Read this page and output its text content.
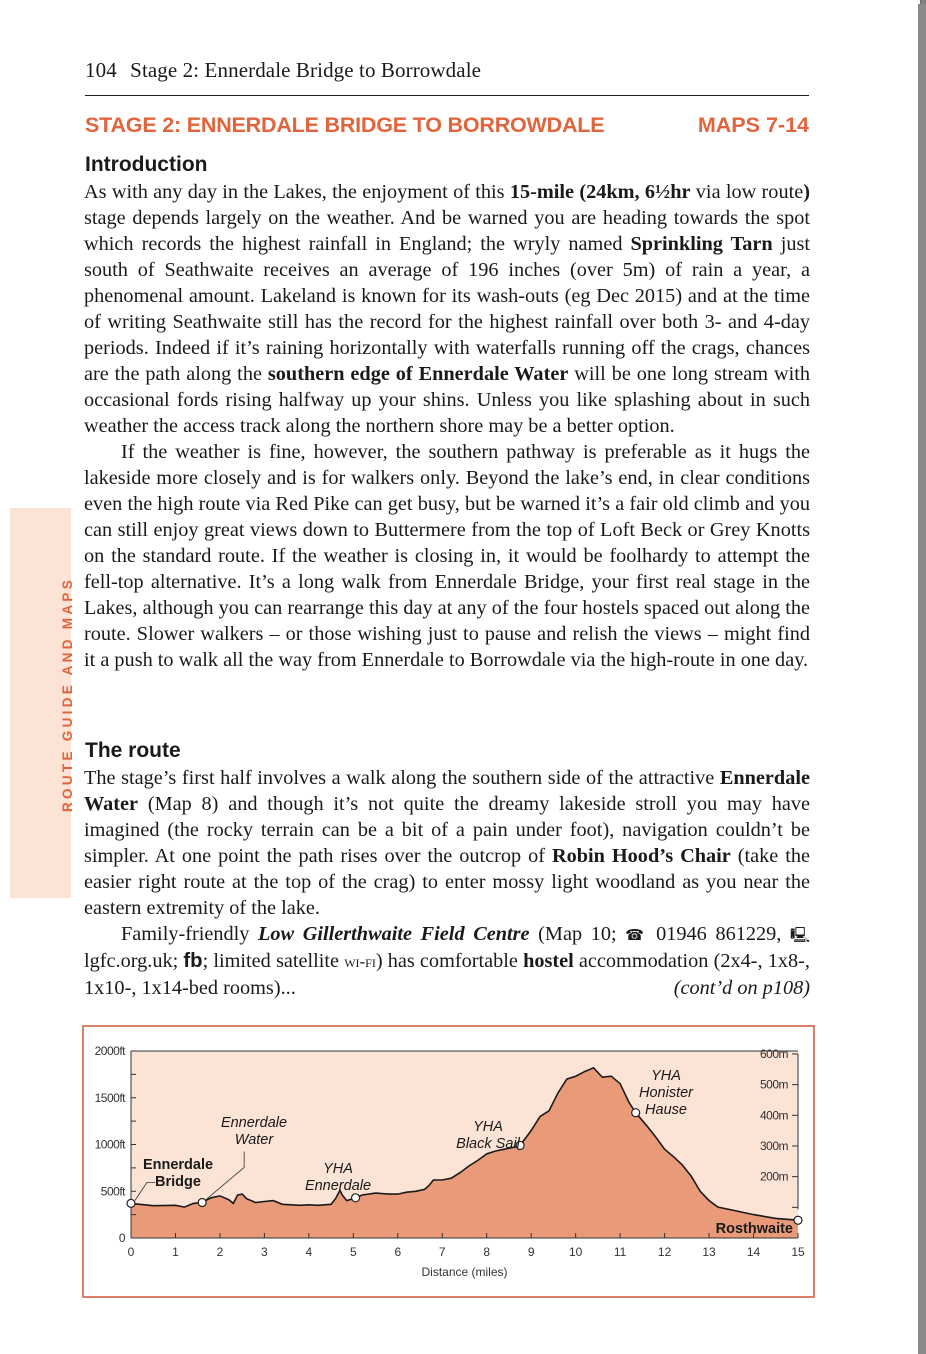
104 Stage 2: Ennerdale Bridge to Borrowdale
STAGE 2: ENNERDALE BRIDGE TO BORROWDALE	MAPS 7-14
ROUTE GUIDE AND MAPS
Introduction

As with any day in the Lakes, the enjoyment of this 15-mile (24km, 6½hr via low route) stage depends largely on the weather. And be warned you are heading towards the spot which records the highest rainfall in England; the wryly named Sprinkling Tarn just south of Seathwaite receives an average of 196 inches (over 5m) of rain a year, a phenomenal amount. Lakeland is known for its wash-outs (eg Dec 2015) and at the time of writing Seathwaite still has the record for the highest rainfall over both 3- and 4-day periods. Indeed if it’s raining horizontally with waterfalls running off the crags, chances are the path along the southern edge of Ennerdale Water will be one long stream with occasional fords rising halfway up your shins. Unless you like splashing about in such weather the access track along the northern shore may be a better option.

If the weather is fine, however, the southern pathway is preferable as it hugs the lakeside more closely and is for walkers only. Beyond the lake’s end, in clear conditions even the high route via Red Pike can get busy, but be warned it’s a fair old climb and you can still enjoy great views down to Buttermere from the top of Loft Beck or Grey Knotts on the standard route. If the weather is closing in, it would be foolhardy to attempt the fell-top alternative. It’s a long walk from Ennerdale Bridge, your first real stage in the Lakes, although you can rearrange this day at any of the four hostels spaced out along the route. Slower walkers – or those wishing just to pause and relish the views – might find it a push to walk all the way from Ennerdale to Borrowdale via the high-route in one day.

The route

The stage’s first half involves a walk along the southern side of the attractive Ennerdale Water (Map 8) and though it’s not quite the dreamy lakeside stroll you may have imagined (the rocky terrain can be a bit of a pain under foot), navigation couldn’t be simpler. At one point the path rises over the outcrop of Robin Hood’s Chair (take the easier right route at the top of the crag) to enter mossy light woodland as you near the eastern extremity of the lake.

Family-friendly Low Gillerthwaite Field Centre (Map 10; ☎ 01946 861229, 🖳 lgfc.org.uk; fb; limited satellite wi-fi) has comfortable hostel accommodation (2x4-, 1x8-, 1x10-, 1x14-bed rooms)...	(cont’d on p108)

0	1	2	3	4	5	6	7	8	9	10	11	12	13	14	15
0
500ft
1000ft
1500ft
2000ft
200m
300m
400m
500m
600m
Ennerdale
Bridge
Ennerdale
Water
YHA
Ennerdale
YHA
Black Sail
YHA
Honister
Hause
Rosthwaite
Distance (miles)
